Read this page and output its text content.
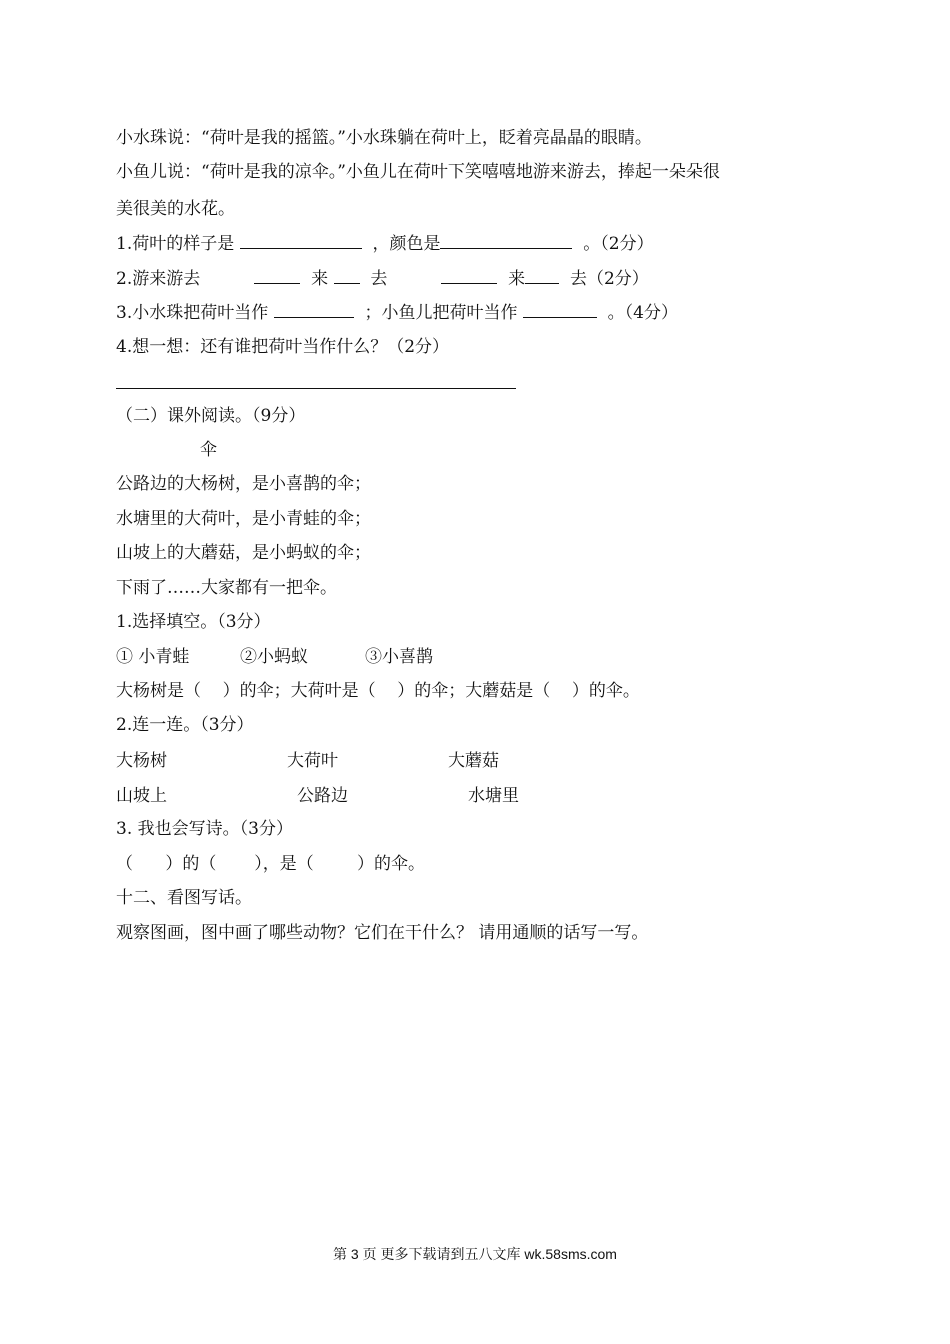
小水珠说：“荷叶是我的摇篮。”小水珠躺在荷叶上，眨着亮晶晶的眼睛。
小鱼儿说：“荷叶是我的凉伞。”小鱼儿在荷叶下笑嘻嘻地游来游去，捧起一朵朵很
美很美的水花。
1.荷叶的样子是	，颜色是	。（2分）
2.游来游去	来 去	来	去（2分）
3.小水珠把荷叶当作	；小鱼儿把荷叶当作	。（4分）
4.想一想：还有谁把荷叶当作什么？（2分）
（二）课外阅读。（9分）
伞
公路边的大杨树，是小喜鹊的伞；
水塘里的大荷叶，是小青蛙的伞；
山坡上的大蘑菇，是小蚂蚁的伞；
下雨了……大家都有一把伞。
1.选择填空。（3分）
① 小青蛙	②小蚂蚁	③小喜鹊
大杨树是（    ）的伞；大荷叶是（    ）的伞；大蘑菇是（    ）的伞。
2.连一连。（3分）
大杨树	大荷叶	大蘑菇
山坡上	公路边	水塘里
3. 我也会写诗。（3分）
（      ）的（       ），是（        ）的伞。
十二、看图写话。
观察图画，图中画了哪些动物？它们在干什么？ 请用通顺的话写一写。
第 3 页 更多下载请到五八文库 wk.58sms.com
